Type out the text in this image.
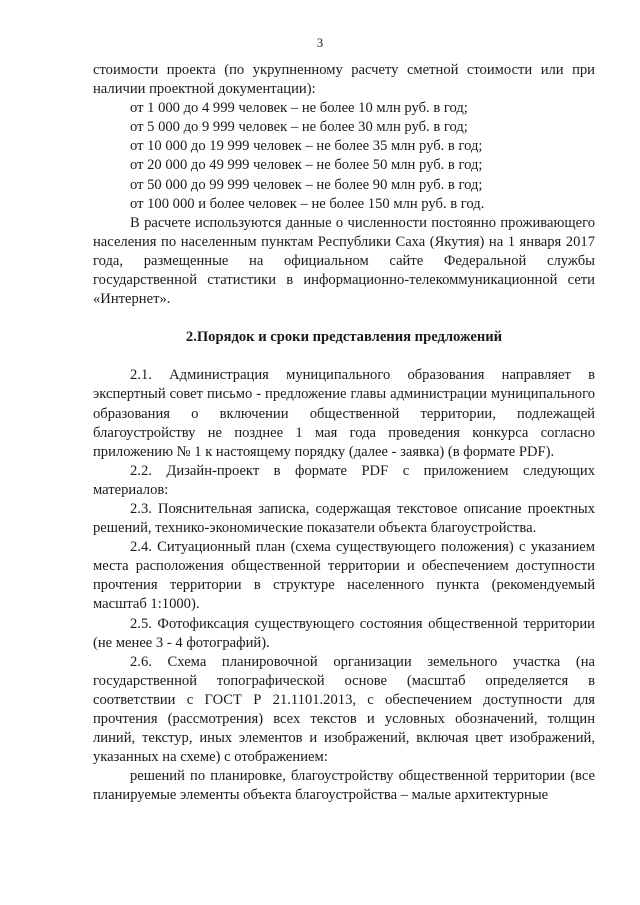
3

стоимости проекта (по укрупненному расчету сметной стоимости или при наличии проектной документации):

от 1 000 до 4 999 человек – не более 10 млн руб. в год;

от 5 000 до 9 999 человек – не более 30 млн руб. в год;

от 10 000 до 19 999 человек – не более 35 млн руб. в год;

от 20 000 до 49 999 человек – не более 50 млн руб. в год;

от 50 000 до 99 999 человек – не более 90 млн руб. в год;

от 100 000 и более человек – не более 150 млн руб. в год.

В расчете используются данные о численности постоянно проживающего населения по населенным пунктам Республики Саха (Якутия) на 1 января 2017 года, размещенные на официальном сайте Федеральной службы государственной статистики в информационно-телекоммуникационной сети «Интернет».

2.Порядок и сроки представления предложений

2.1. Администрация муниципального образования направляет в экспертный совет письмо - предложение главы администрации муниципального образования о включении общественной территории, подлежащей благоустройству не позднее 1 мая года проведения конкурса согласно приложению № 1 к настоящему порядку (далее - заявка) (в формате PDF).

2.2. Дизайн-проект в формате PDF с приложением следующих материалов:

2.3. Пояснительная записка, содержащая текстовое описание проектных решений, технико-экономические показатели объекта благоустройства.

2.4. Ситуационный план (схема существующего положения) с указанием места расположения общественной территории и обеспечением доступности прочтения территории в структуре населенного пункта (рекомендуемый масштаб 1:1000).

2.5. Фотофиксация существующего состояния общественной территории (не менее 3 - 4 фотографий).

2.6. Схема планировочной организации земельного участка (на государственной топографической основе (масштаб определяется в соответствии с ГОСТ Р 21.1101.2013, с обеспечением доступности для прочтения (рассмотрения) всех текстов и условных обозначений, толщин линий, текстур, иных элементов и изображений, включая цвет изображений, указанных на схеме) с отображением:

решений по планировке, благоустройству общественной территории (все планируемые элементы объекта благоустройства – малые архитектурные
